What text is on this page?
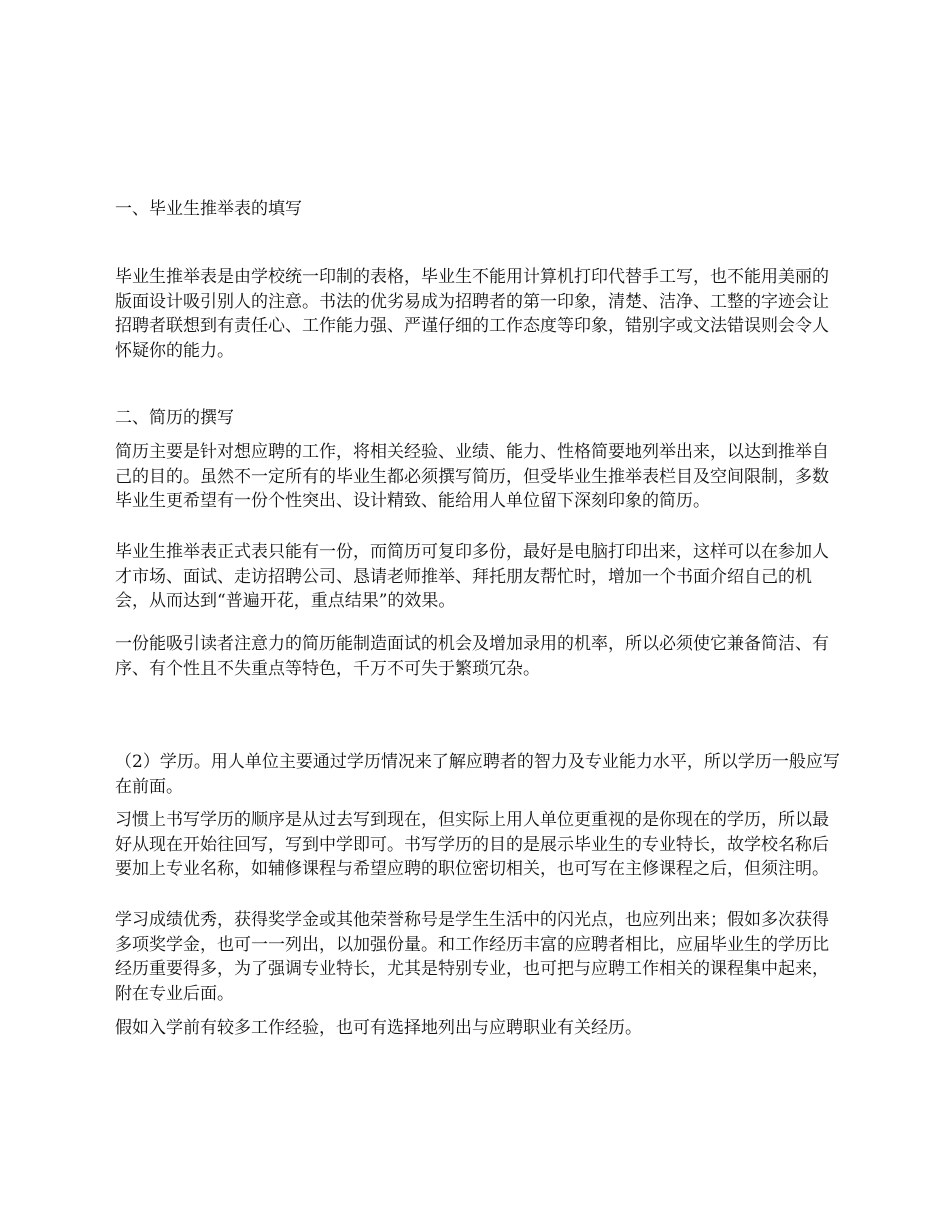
一、毕业生推举表的填写

毕业生推举表是由学校统一印制的表格，毕业生不能用计算机打印代替手工写，也不能用美丽的版面设计吸引别人的注意。书法的优劣易成为招聘者的第一印象，清楚、洁净、工整的字迹会让招聘者联想到有责任心、工作能力强、严谨仔细的工作态度等印象，错别字或文法错误则会令人怀疑你的能力。

二、简历的撰写

简历主要是针对想应聘的工作，将相关经验、业绩、能力、性格简要地列举出来，以达到推举自己的目的。虽然不一定所有的毕业生都必须撰写简历，但受毕业生推举表栏目及空间限制，多数毕业生更希望有一份个性突出、设计精致、能给用人单位留下深刻印象的简历。

毕业生推举表正式表只能有一份，而简历可复印多份，最好是电脑打印出来，这样可以在参加人才市场、面试、走访招聘公司、恳请老师推举、拜托朋友帮忙时，增加一个书面介绍自己的机会，从而达到“普遍开花，重点结果”的效果。

一份能吸引读者注意力的简历能制造面试的机会及增加录用的机率，所以必须使它兼备简洁、有序、有个性且不失重点等特色，千万不可失于繁琐冗杂。

（2）学历。用人单位主要通过学历情况来了解应聘者的智力及专业能力水平，所以学历一般应写在前面。

习惯上书写学历的顺序是从过去写到现在，但实际上用人单位更重视的是你现在的学历，所以最好从现在开始往回写，写到中学即可。书写学历的目的是展示毕业生的专业特长，故学校名称后要加上专业名称，如辅修课程与希望应聘的职位密切相关，也可写在主修课程之后，但须注明。

学习成绩优秀，获得奖学金或其他荣誉称号是学生生活中的闪光点，也应列出来；假如多次获得多项奖学金，也可一一列出，以加强份量。和工作经历丰富的应聘者相比，应届毕业生的学历比经历重要得多，为了强调专业特长，尤其是特别专业，也可把与应聘工作相关的课程集中起来，附在专业后面。

假如入学前有较多工作经验，也可有选择地列出与应聘职业有关经历。
